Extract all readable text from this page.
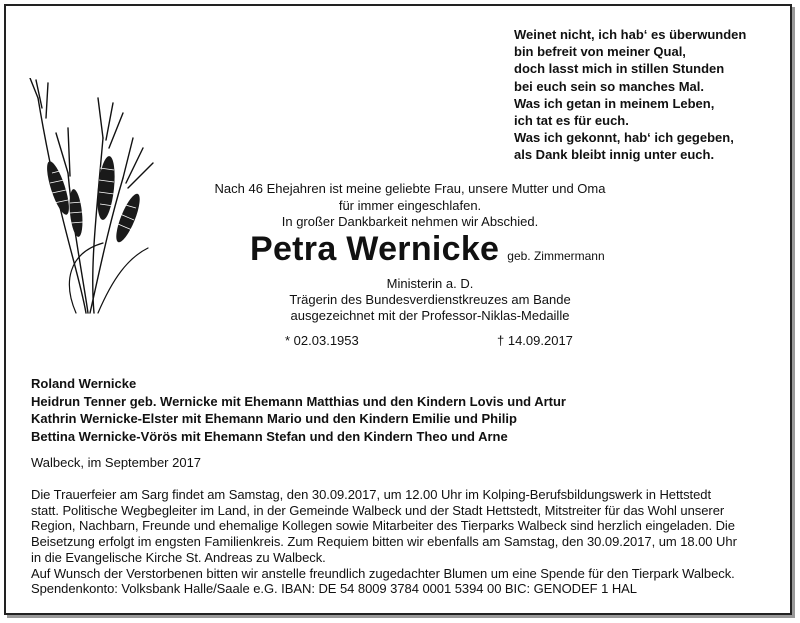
Weinet nicht, ich hab‘ es überwunden
bin befreit von meiner Qual,
doch lasst mich in stillen Stunden
bei euch sein so manches Mal.
Was ich getan in meinem Leben,
ich tat es für euch.
Was ich gekonnt, hab‘ ich gegeben,
als Dank bleibt innig unter euch.
Nach 46 Ehejahren ist meine geliebte Frau, unsere Mutter und Oma
für immer eingeschlafen.
In großer Dankbarkeit nehmen wir Abschied.
Petra Wernicke geb. Zimmermann
Ministerin a. D.
Trägerin des Bundesverdienstkreuzes am Bande
ausgezeichnet mit der Professor-Niklas-Medaille
* 02.03.1953	† 14.09.2017
Roland Wernicke
Heidrun Tenner geb. Wernicke mit Ehemann Matthias und den Kindern Lovis und Artur
Kathrin Wernicke-Elster mit Ehemann Mario und den Kindern Emilie und Philip
Bettina Wernicke-Vörös mit Ehemann Stefan und den Kindern Theo und Arne
Walbeck, im September 2017
Die Trauerfeier am Sarg findet am Samstag, den 30.09.2017, um 12.00 Uhr im Kolping-Berufsbildungswerk in Hettstedt
statt. Politische Wegbegleiter im Land, in der Gemeinde Walbeck und der Stadt Hettstedt, Mitstreiter für das Wohl unserer
Region, Nachbarn, Freunde und ehemalige Kollegen sowie Mitarbeiter des Tierparks Walbeck sind herzlich eingeladen. Die
Beisetzung erfolgt im engsten Familienkreis. Zum Requiem bitten wir ebenfalls am Samstag, den 30.09.2017, um 18.00 Uhr
in die Evangelische Kirche St. Andreas zu Walbeck.
Auf Wunsch der Verstorbenen bitten wir anstelle freundlich zugedachter Blumen um eine Spende für den Tierpark Walbeck.
Spendenkonto: Volksbank Halle/Saale e.G. IBAN: DE 54 8009 3784 0001 5394 00 BIC: GENODEF 1 HAL
